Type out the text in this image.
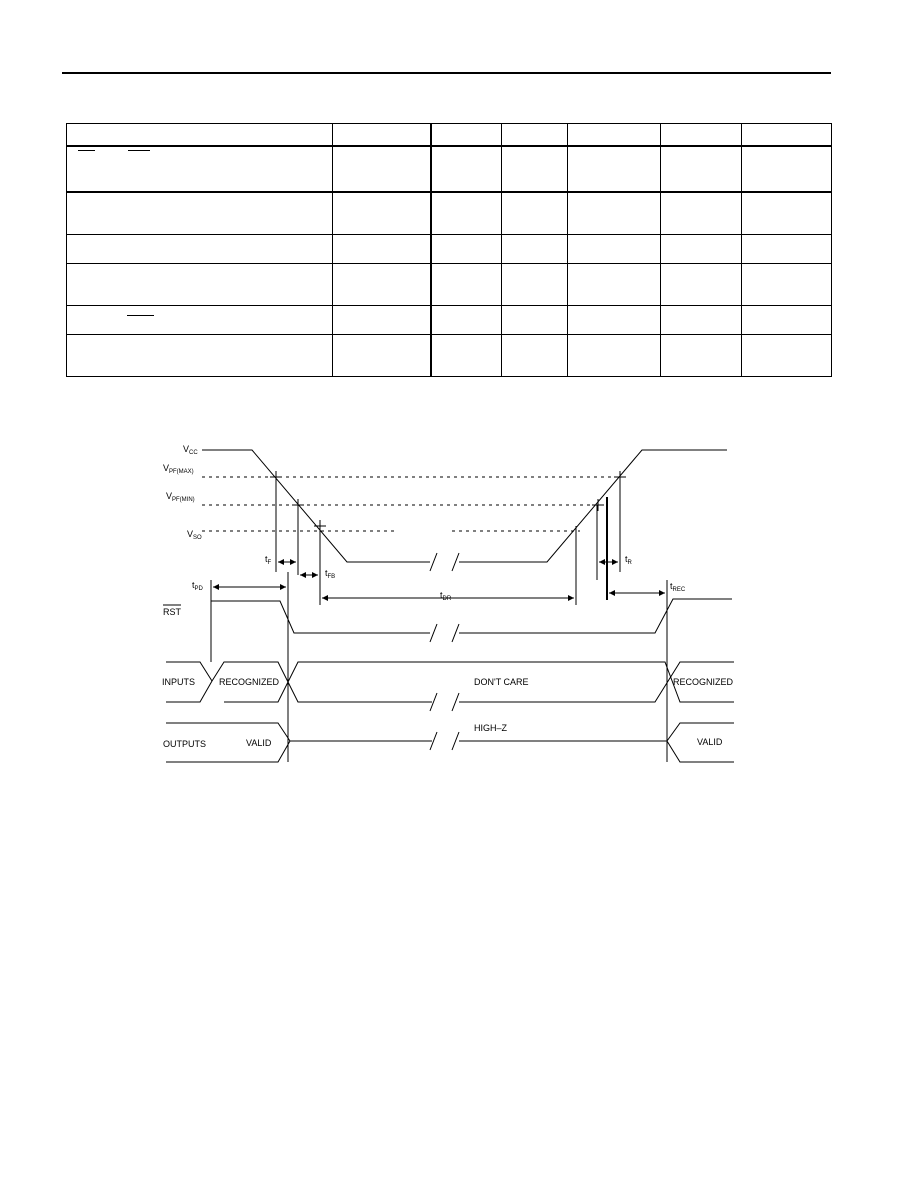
$V_{CC}$
$V_{PF(MAX)}$
$V_{PF(MIN)}$
$V_{SO}$
$t_F$
$t_{FB}$
$t_R$
$t_{PD}$
$t_{DR}$
$t_{REC}$
RST
INPUTS
OUTPUTS
RECOGNIZED	DON'T CARE	RECOGNIZED
HIGH–Z
VALID	VALID
